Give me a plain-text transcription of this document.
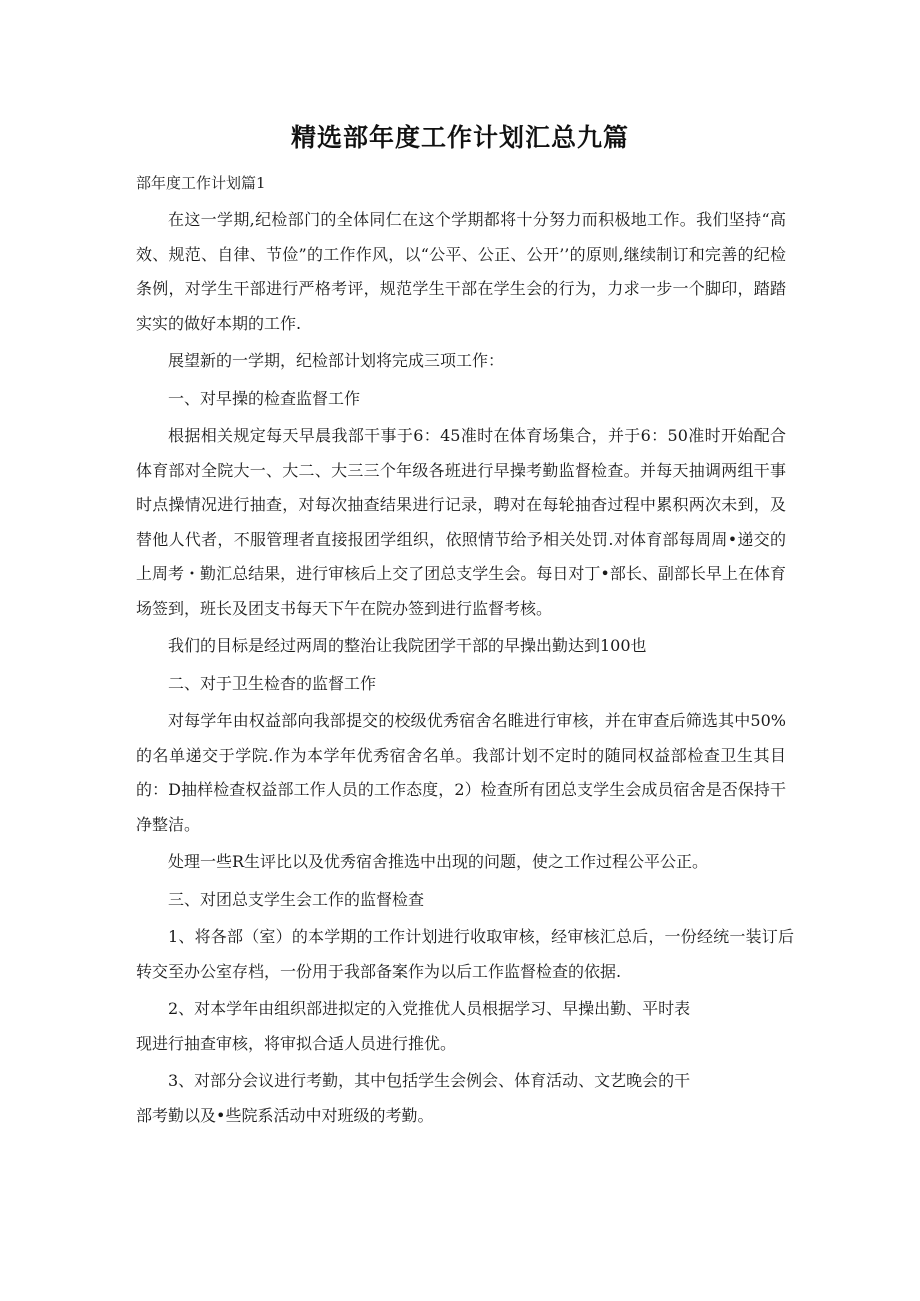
精选部年度工作计划汇总九篇
部年度工作计划篇1

在这一学期,纪检部门的全体同仁在这个学期都将十分努力而积极地工作。我们坚持“高效、规范、自律、节俭”的工作作风，以“公平、公正、公开’’的原则,继续制订和完善的纪检条例，对学生干部进行严格考评，规范学生干部在学生会的行为，力求一步一个脚印，踏踏实实的做好本期的工作.

展望新的一学期，纪检部计划将完成三项工作：

一、对早操的检查监督工作

根据相关规定每天早晨我部干事于6：45准时在体育场集合，并于6：50准时开始配合体育部对全院大一、大二、大三三个年级各班进行早操考勤监督检查。并每天抽调两组干事时点操情况进行抽查，对每次抽查结果进行记录，聘对在每轮抽杳过程中累积两次未到，及替他人代者，不服管理者直接报团学组织，依照情节给予相关处罚.对体育部每周周•递交的上周考・勤汇总结果，进行审核后上交了团总支学生会。每日对丁•部长、副部长早上在体育场签到，班长及团支书每天下午在院办签到进行监督考核。

我们的目标是经过两周的整治让我院团学干部的早操出勤达到100也

二、对于卫生检杳的监督工作

对每学年由权益部向我部提交的校级优秀宿舍名睢进行审核，并在审查后筛选其中50%的名单递交于学院.作为本学年优秀宿舍名单。我部计划不定时的随同权益部检查卫生其目的：D抽样检查权益部工作人员的工作态度，2）检查所有团总支学生会成员宿舍是否保持干净整洁。

处理一些R生评比以及优秀宿舍推选中出现的问题，使之工作过程公平公正。

三、对团总支学生会工作的监督检查

1、将各部（室）的本学期的工作计划进行收取审核，经审核汇总后，一份经统一装订后转交至办公室存档，一份用于我部备案作为以后工作监督检查的依据.

2、对本学年由组织部进拟定的入党推优人员根据学习、早操出勤、平时表

现进行抽查审核，将审拟合适人员进行推优。

3、对部分会议进行考勤，其中包括学生会例会、体育活动、文艺晚会的干

部考勤以及•些院系活动中对班级的考勤。
